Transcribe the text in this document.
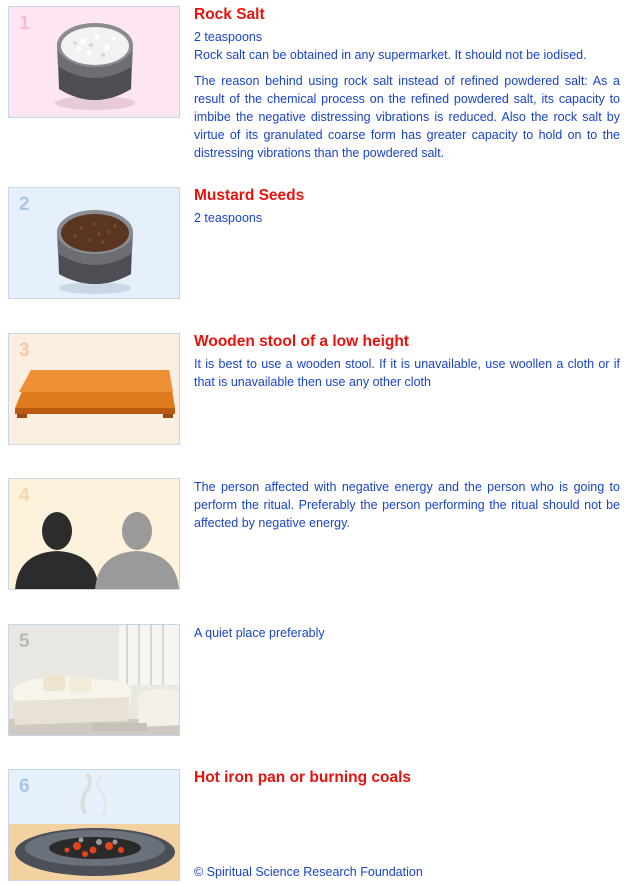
1	Rock Salt

2 teaspoons

Rock salt can be obtained in any supermarket. It should not be iodised.

The reason behind using rock salt instead of refined powdered salt: As a result of the chemical process on the refined powdered salt, its capacity to imbibe the negative distressing vibrations is reduced. Also the rock salt by virtue of its granulated coarse form has greater capacity to hold on to the distressing vibrations than the powdered salt.

2	Mustard Seeds

2 teaspoons

3	Wooden stool of a low height

It is best to use a wooden stool. If it is unavailable, use woollen a cloth or if that is unavailable then use any other cloth

4	The person affected with negative energy and the person who is going to perform the ritual. Preferably the person performing the ritual should not be affected by negative energy.

5	A quiet place preferably

6	Hot iron pan or burning coals

© Spiritual Science Research Foundation
